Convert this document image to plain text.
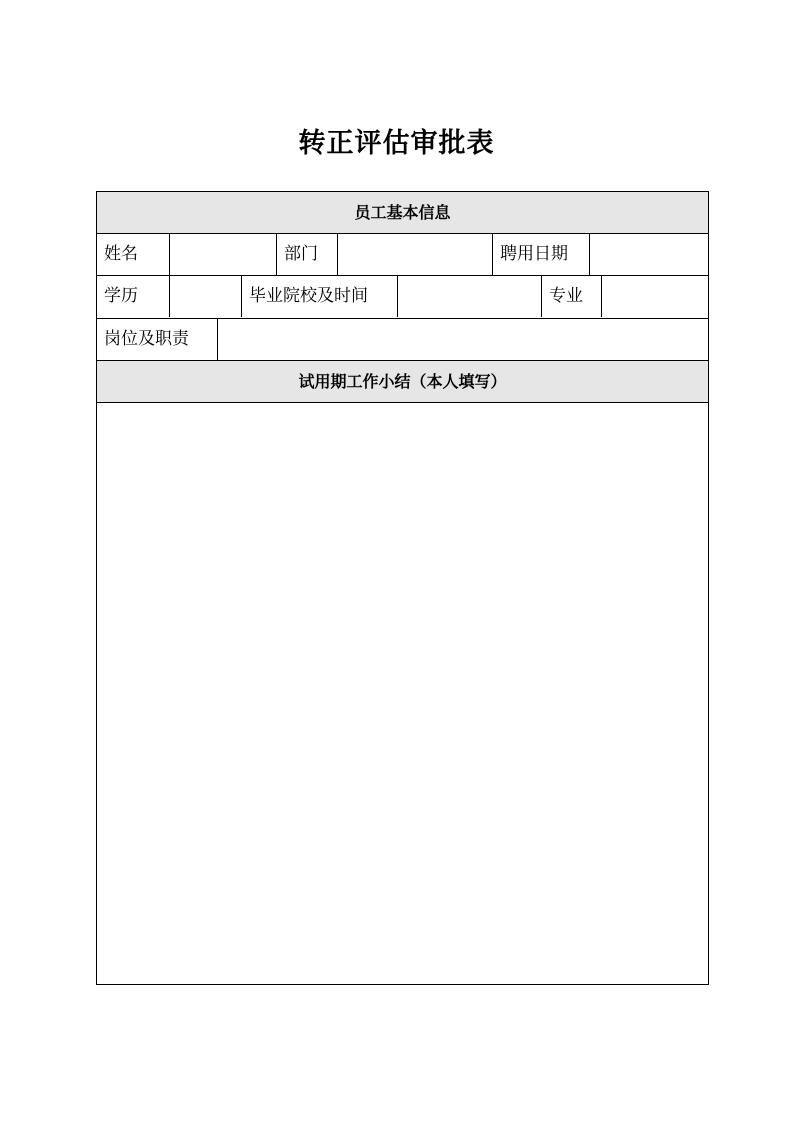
转正评估审批表
员工基本信息
姓名	部门	聘用日期
学历	毕业院校及时间	专业
岗位及职责
试用期工作小结（本人填写）
